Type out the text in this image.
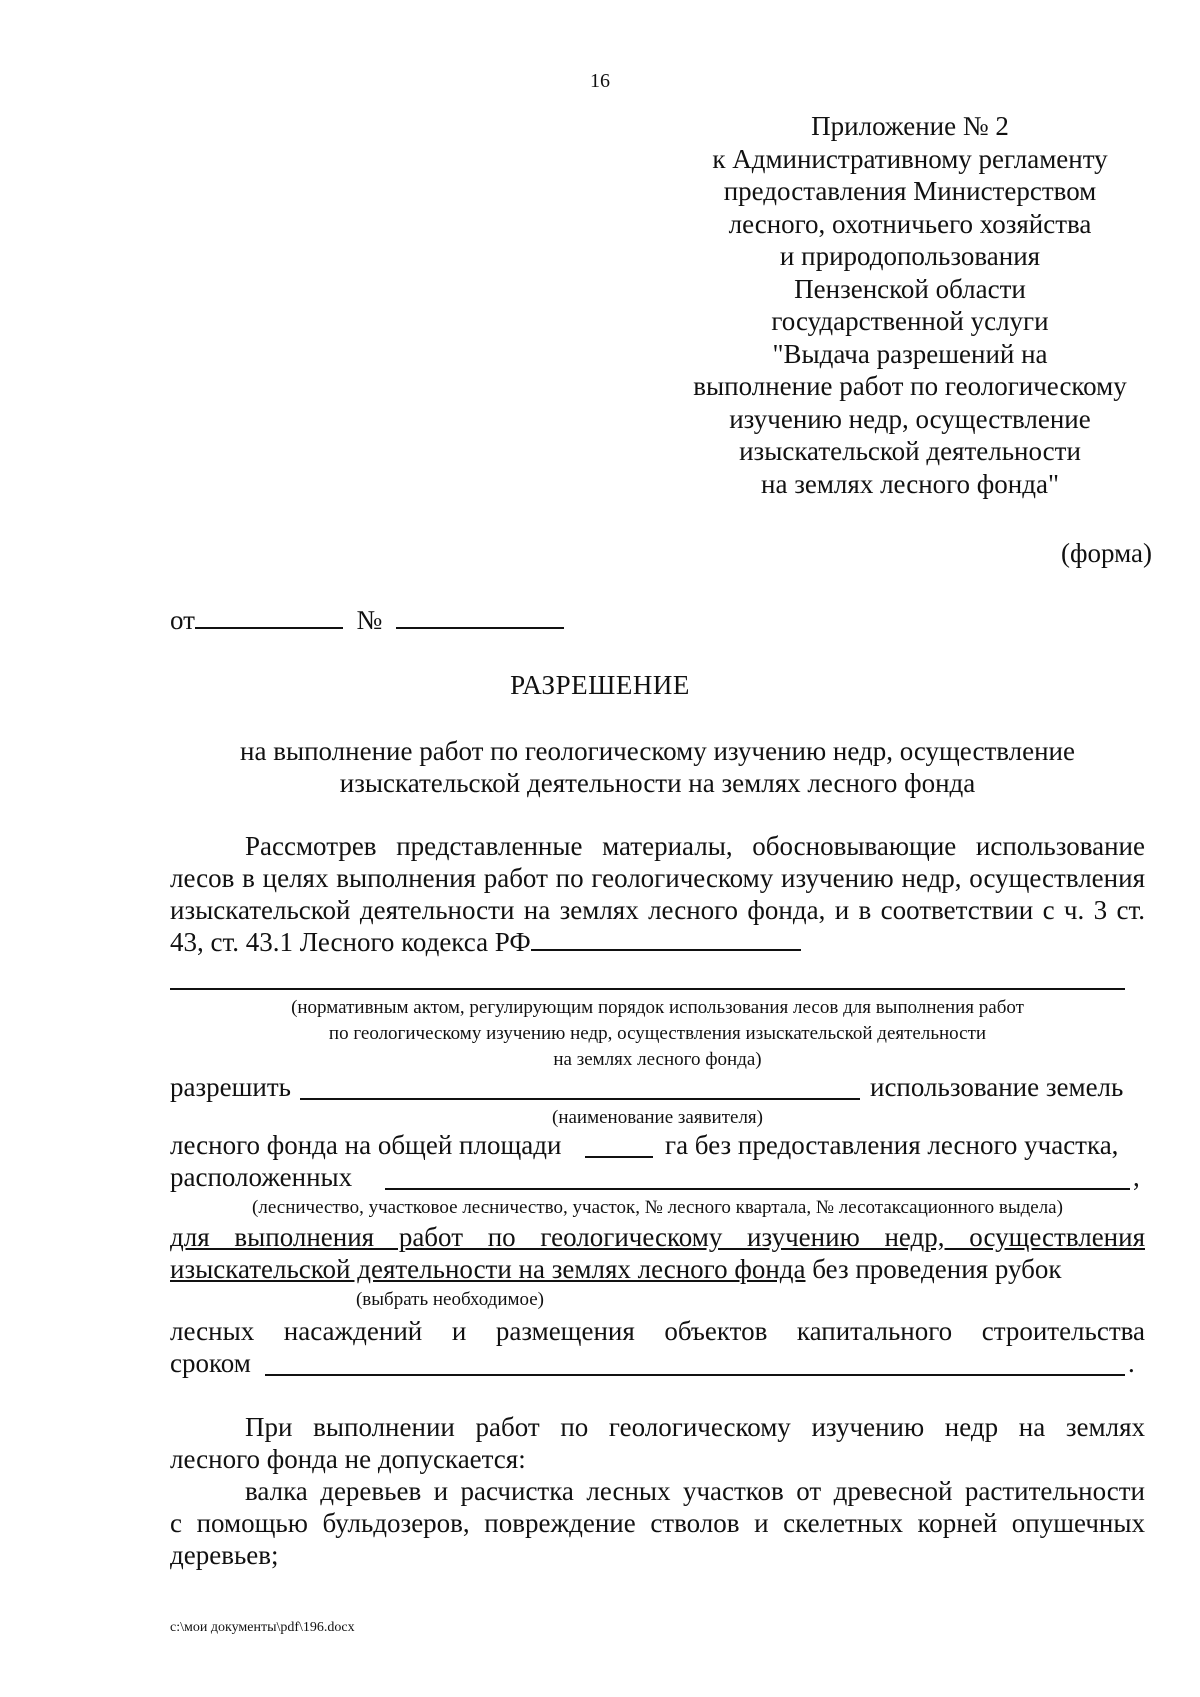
16
Приложение № 2
к Административному регламенту
предоставления Министерством
лесного, охотничьего хозяйства
и природопользования
Пензенской области
государственной услуги
"Выдача разрешений на
выполнение работ по геологическому
изучению недр, осуществление
изыскательской деятельности
на землях лесного фонда"
(форма)
от	№
РАЗРЕШЕНИЕ
на выполнение работ по геологическому изучению недр, осуществление
изыскательской деятельности на землях лесного фонда
Рассмотрев представленные материалы, обосновывающие использование лесов в целях выполнения работ по геологическому изучению недр, осуществления изыскательской деятельности на землях лесного фонда, и в соответствии с ч. 3 ст. 43, ст. 43.1 Лесного кодекса РФ
(нормативным актом, регулирующим порядок использования лесов для выполнения работ
по геологическому изучению недр, осуществления изыскательской деятельности
на землях лесного фонда)
разрешить	использование земель
(наименование заявителя)
лесного фонда на общей площади	га без предоставления лесного участка,
расположенных	,
(лесничество, участковое лесничество, участок, № лесного квартала, № лесотаксационного выдела)
для выполнения работ по геологическому изучению недр, осуществления
изыскательской деятельности на землях лесного фонда без проведения рубок
(выбрать необходимое)
лесных насаждений и размещения объектов капитального строительства
сроком	.
При выполнении работ по геологическому изучению недр на землях
лесного фонда не допускается:
валка деревьев и расчистка лесных участков от древесной растительности
с помощью бульдозеров, повреждение стволов и скелетных корней опушечных
деревьев;
c:\мои документы\pdf\196.docx
